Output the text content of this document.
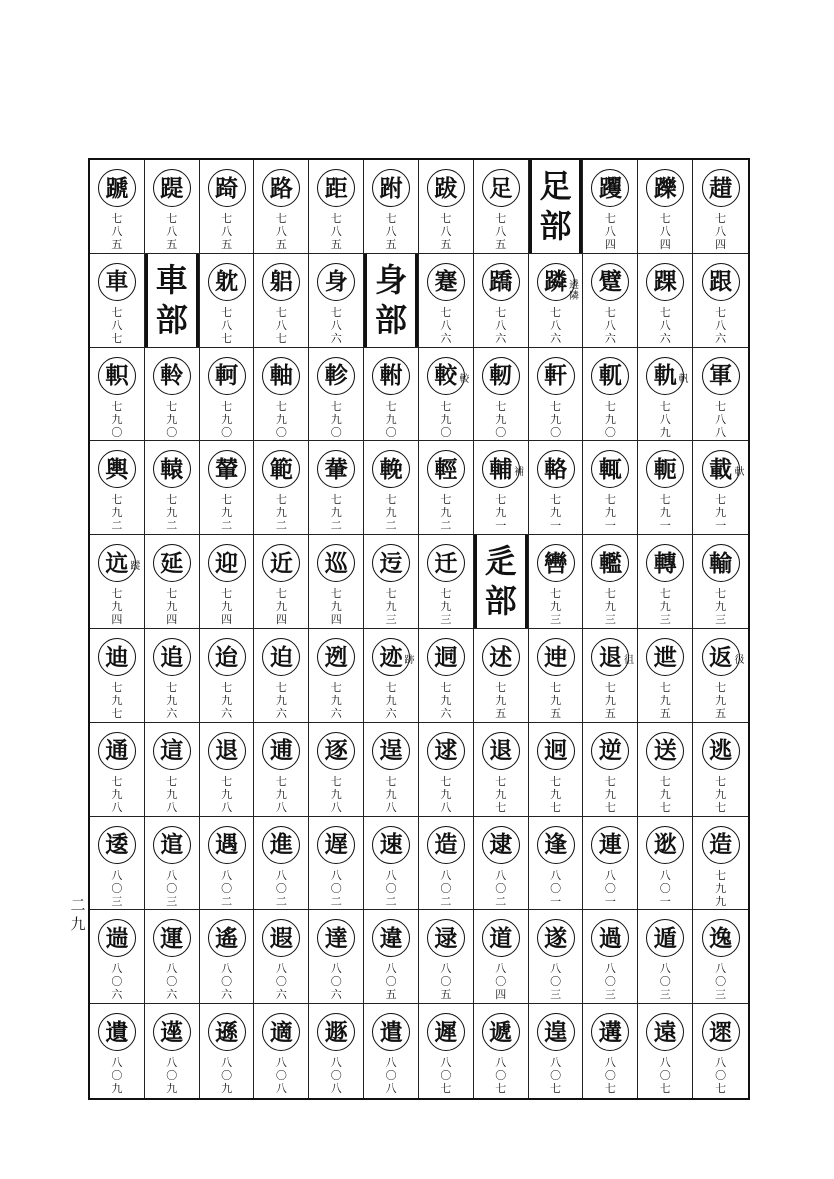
二九
蹏
七八五
踶
七八五
踦
七八五
路
七八五
距
七八五
跗
七八五
跋
七八五
足
七八五
足部
躩
七八四
躒
七八四
趞
七八四
車
七八七
車部
躭
七八七
躳
七八七
身
七八六
身部
蹇
七八六
蹻
七八六
蹸
七八六
遴隣
躄
七八六
踝
七八六
跟
七八六
軹
七九〇
軨
七九〇
軻
七九〇
軸
七九〇
軫
七九〇
軵
七九〇
較
七九〇
較 軔
七九〇
軒
七九〇
軏
七九〇
軌
七八九
軓 軍
七八八
輿
七九二
轅
七九二
輦
七九二
範
七九二
輂
七九二
輓
七九二
輕
七九二
輔
七九一
補 輅
七九一
輒
七九一
軛
七九一
載
七九一
軑
迒
七九四
蹤 延
七九四
迎
七九四
近
七九四
巡
七九四
迃
七九三
迁
七九三
辵部
轡
七九三
轞
七九三
轉
七九三
輸
七九三
迪
七九七
追
七九六
迨
七九六
迫
七九六
迾
七九六
迹
七九六
跡 迵
七九六
述
七九五
迧
七九五
退
七九五
徂 迣
七九五
返
七九五
彶
通
七九八
這
七九八
退
七九八
逋
七九八
逐
七九八
逞
七九八
逑
七九八
退
七九七
迥
七九七
逆
七九七
送
七九七
逃
七九七
逶
八〇三
逭
八〇三
遇
八〇二
進
八〇二
遅
八〇二
速
八〇二
造
八〇二
逮
八〇二
逢
八〇一
連
八〇一
逖
八〇一
造
七九九
遄
八〇六
運
八〇六
遙
八〇六
遐
八〇六
達
八〇六
違
八〇五
逯
八〇五
道
八〇四
遂
八〇三
過
八〇三
遁
八〇三
逸
八〇三
遺
八〇九
遳
八〇九
遜
八〇九
適
八〇八
遯
八〇八
遣
八〇八
遲
八〇七
遞
八〇七
遑
八〇七
遘
八〇七
遠
八〇七
遝
八〇七
